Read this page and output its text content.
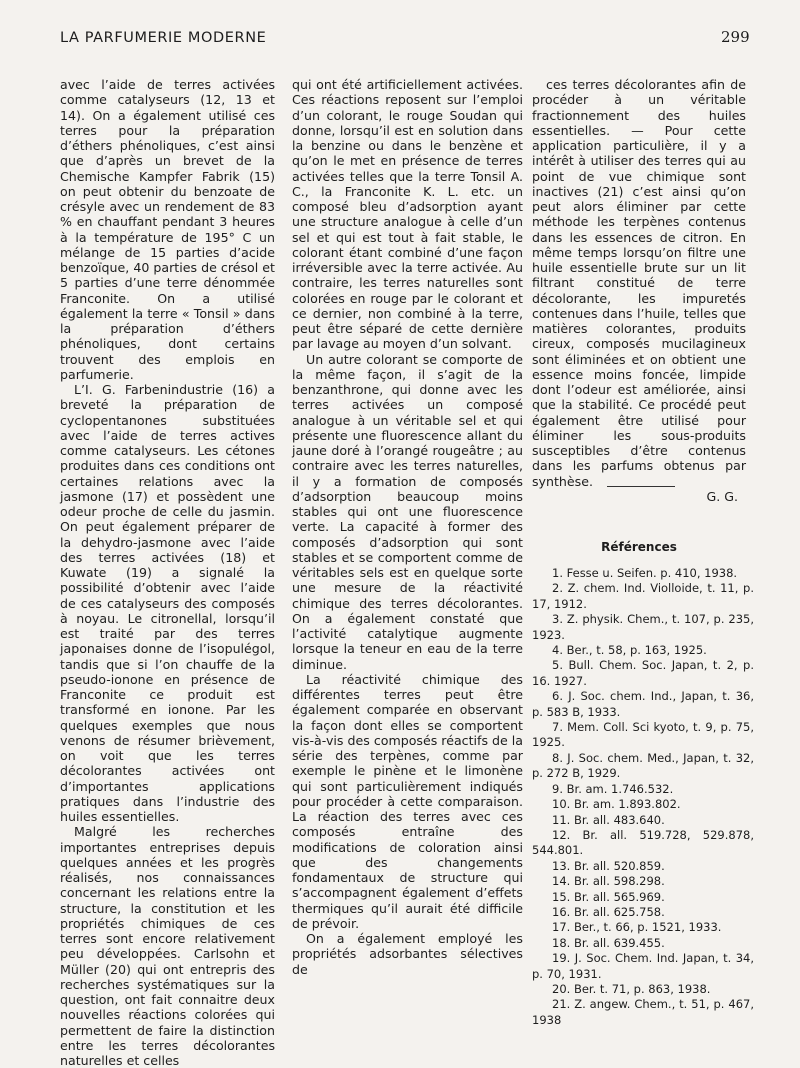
LA PARFUMERIE MODERNE	299

avec l’aide de terres activées comme catalyseurs (12, 13 et 14). On a également utilisé ces terres pour la préparation d’éthers phénoliques, c’est ainsi que d’après un brevet de la Chemische Kampfer Fabrik (15) on peut obtenir du benzoate de crésyle avec un rendement de 83 % en chauffant pendant 3 heures à la température de 195° C un mélange de 15 parties d’acide benzoïque, 40 parties de crésol et 5 parties d’une terre dénommée Franconite. On a utilisé également la terre « Tonsil » dans la préparation d’éthers phénoliques, dont certains trouvent des emplois en parfumerie.

L’I. G. Farbenindustrie (16) a breveté la préparation de cyclopentanones substituées avec l’aide de terres actives comme catalyseurs. Les cétones produites dans ces conditions ont certaines relations avec la jasmone (17) et possèdent une odeur proche de celle du jasmin. On peut également préparer de la dehydro-jasmone avec l’aide des terres activées (18) et Kuwate (19) a signalé la possibilité d’obtenir avec l’aide de ces catalyseurs des composés à noyau. Le citronellal, lorsqu’il est traité par des terres japonaises donne de l’isopulégol, tandis que si l’on chauffe de la pseudo-ionone en présence de Franconite ce produit est transformé en ionone. Par les quelques exemples que nous venons de résumer brièvement, on voit que les terres décolorantes activées ont d’importantes applications pratiques dans l’industrie des huiles essentielles.

Malgré les recherches importantes entreprises depuis quelques années et les progrès réalisés, nos connaissances concernant les relations entre la structure, la constitution et les propriétés chimiques de ces terres sont encore relativement peu développées. Carlsohn et Müller (20) qui ont entrepris des recherches systématiques sur la question, ont fait connaitre deux nouvelles réactions colorées qui permettent de faire la distinction entre les terres décolorantes naturelles et celles

qui ont été artificiellement activées. Ces réactions reposent sur l’emploi d’un colorant, le rouge Soudan qui donne, lorsqu’il est en solution dans la benzine ou dans le benzène et qu’on le met en présence de terres activées telles que la terre Tonsil A. C., la Franconite K. L. etc. un composé bleu d’adsorption ayant une structure analogue à celle d’un sel et qui est tout à fait stable, le colorant étant combiné d’une façon irréversible avec la terre activée. Au contraire, les terres naturelles sont colorées en rouge par le colorant et ce dernier, non combiné à la terre, peut être séparé de cette dernière par lavage au moyen d’un solvant.

Un autre colorant se comporte de la même façon, il s’agit de la benzanthrone, qui donne avec les terres activées un composé analogue à un véritable sel et qui présente une fluorescence allant du jaune doré à l’orangé rougeâtre ; au contraire avec les terres naturelles, il y a formation de composés d’adsorption beaucoup moins stables qui ont une fluorescence verte. La capacité à former des composés d’adsorption qui sont stables et se comportent comme de véritables sels est en quelque sorte une mesure de la réactivité chimique des terres décolorantes. On a également constaté que l’activité catalytique augmente lorsque la teneur en eau de la terre diminue.

La réactivité chimique des différentes terres peut être également comparée en observant la façon dont elles se comportent vis-à-vis des composés réactifs de la série des terpènes, comme par exemple le pinène et le limonène qui sont particulièrement indiqués pour procéder à cette comparaison. La réaction des terres avec ces composés entraîne des modifications de coloration ainsi que des changements fondamentaux de structure qui s’accompagnent également d’effets thermiques qu’il aurait été difficile de prévoir.

On a également employé les propriétés adsorbantes sélectives de

ces terres décolorantes afin de procéder à un véritable fractionnement des huiles essentielles. — Pour cette application particulière, il y a intérêt à utiliser des terres qui au point de vue chimique sont inactives (21) c’est ainsi qu’on peut alors éliminer par cette méthode les terpènes contenus dans les essences de citron. En même temps lorsqu’on filtre une huile essentielle brute sur un lit filtrant constitué de terre décolorante, les impuretés contenues dans l’huile, telles que matières colorantes, produits cireux, composés mucilagineux sont éliminées et on obtient une essence moins foncée, limpide dont l’odeur est améliorée, ainsi que la stabilité. Ce procédé peut également être utilisé pour éliminer les sous-produits susceptibles d’être contenus dans les parfums obtenus par synthèse.

G. G.

Références
1. Fesse u. Seifen. p. 410, 1938.
2. Z. chem. Ind. Violloide, t. 11, p. 17, 1912.
3. Z. physik. Chem., t. 107, p. 235, 1923.
4. Ber., t. 58, p. 163, 1925.
5. Bull. Chem. Soc. Japan, t. 2, p. 16. 1927.
6. J. Soc. chem. Ind., Japan, t. 36, p. 583 B, 1933.
7. Mem. Coll. Sci kyoto, t. 9, p. 75, 1925.
8. J. Soc. chem. Med., Japan, t. 32, p. 272 B, 1929.
9. Br. am. 1.746.532.
10. Br. am. 1.893.802.
11. Br. all. 483.640.
12. Br. all. 519.728, 529.878, 544.801.
13. Br. all. 520.859.
14. Br. all. 598.298.
15. Br. all. 565.969.
16. Br. all. 625.758.
17. Ber., t. 66, p. 1521, 1933.
18. Br. all. 639.455.
19. J. Soc. Chem. Ind. Japan, t. 34, p. 70, 1931.
20. Ber. t. 71, p. 863, 1938.
21. Z. angew. Chem., t. 51, p. 467, 1938
